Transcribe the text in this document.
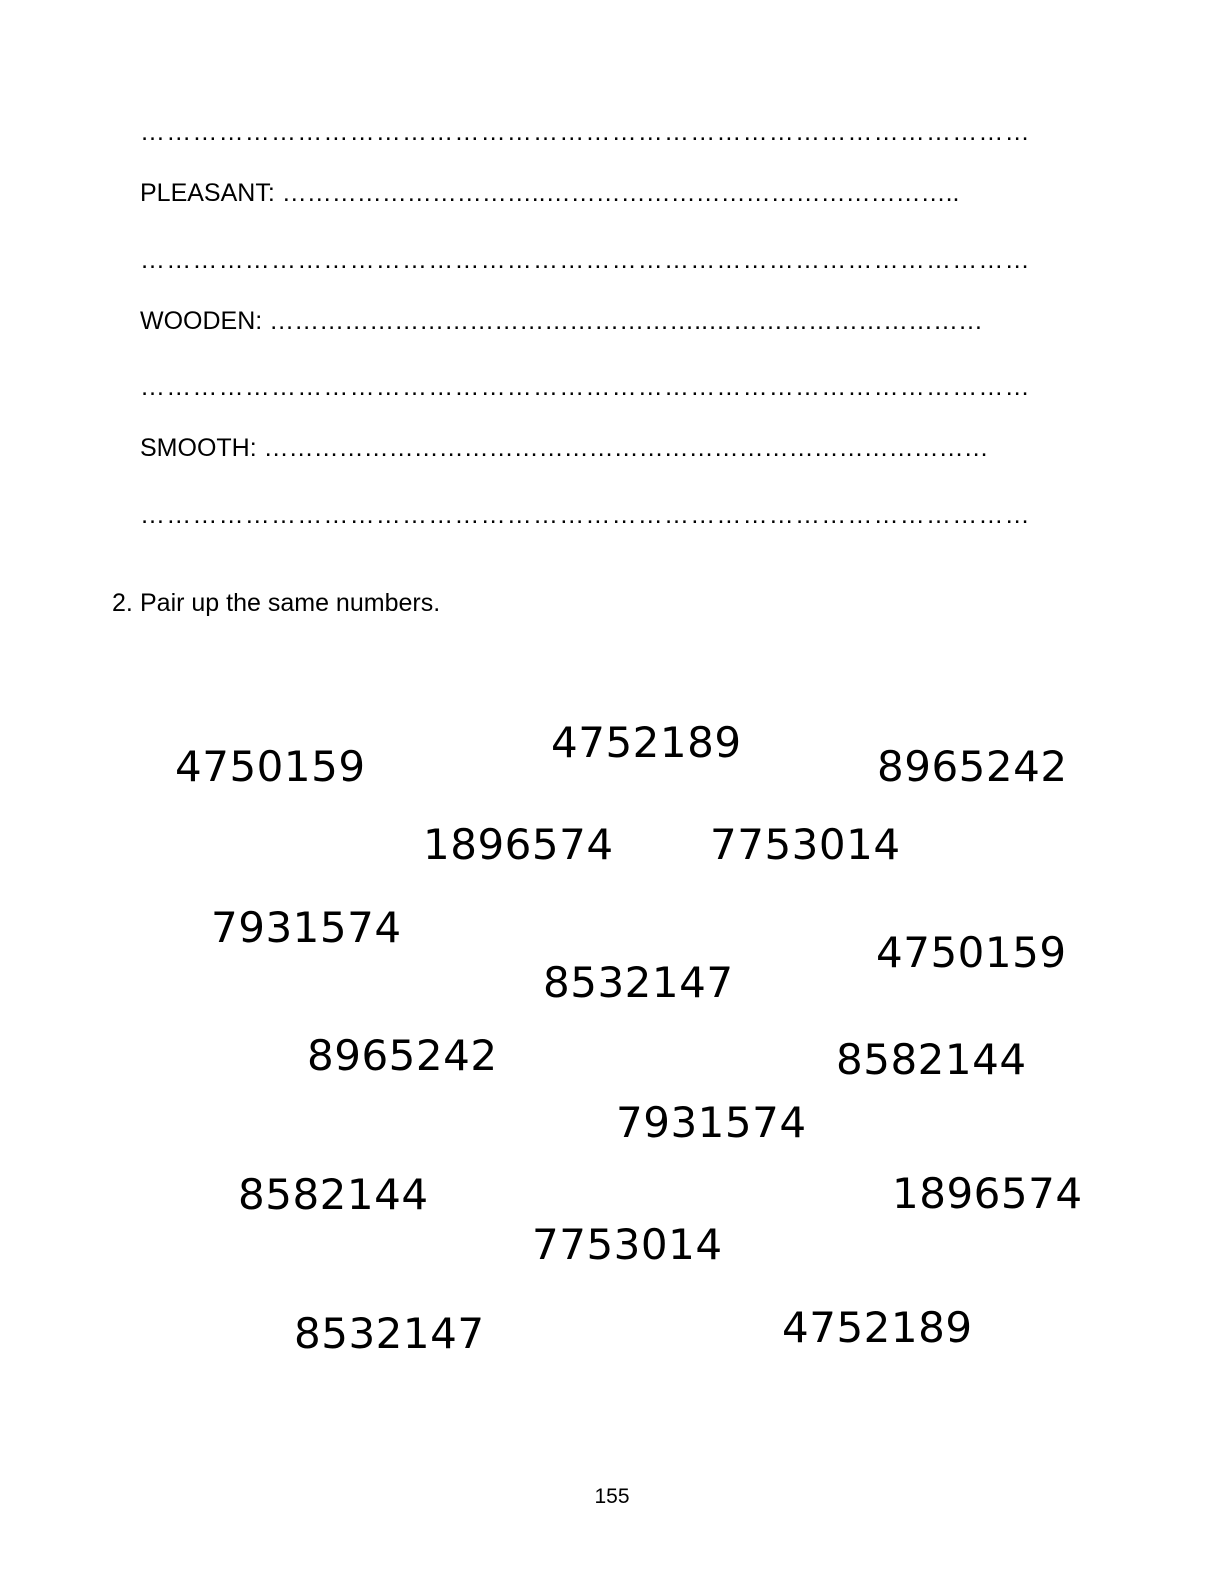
…………………………………………………………………………………………
PLEASANT: …………………………..…………………………………………..
…………………………………………………………………………………………
WOODEN: ……………………………………………..……………………………
…………………………………………………………………………………………
SMOOTH: ……………………………………………………………………………
…………………………………………………………………………………………
2. Pair up the same numbers.
4750159	4752189	8965242
1896574 7753014
7931574
4750159
8532147
8965242	8582144
7931574
8582144	1896574
7753014
8532147	4752189
155
